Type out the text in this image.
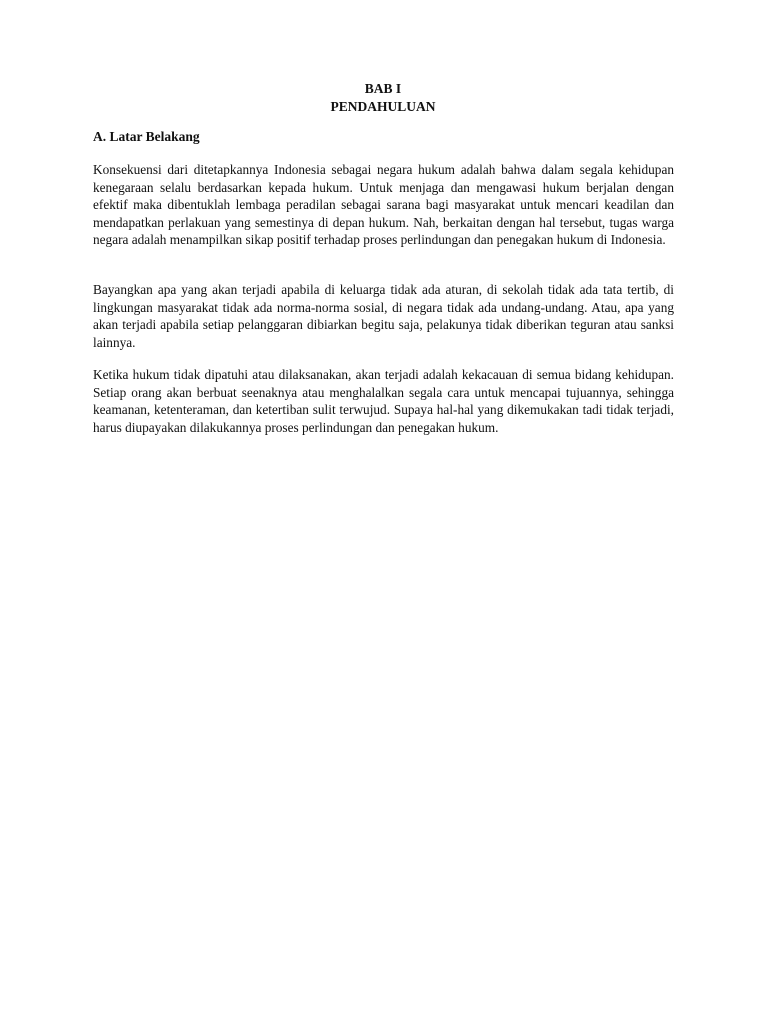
BAB I
PENDAHULUAN
A. Latar Belakang

Konsekuensi dari ditetapkannya Indonesia sebagai negara hukum adalah bahwa dalam segala kehidupan kenegaraan selalu berdasarkan kepada hukum. Untuk menjaga dan mengawasi hukum berjalan dengan efektif maka dibentuklah lembaga peradilan sebagai sarana bagi masyarakat untuk mencari keadilan dan mendapatkan perlakuan yang semestinya di depan hukum. Nah, berkaitan dengan hal tersebut, tugas warga negara adalah menampilkan sikap positif terhadap proses perlindungan dan penegakan hukum di Indonesia.

Bayangkan apa yang akan terjadi apabila di keluarga tidak ada aturan, di sekolah tidak ada tata tertib, di lingkungan masyarakat tidak ada norma-norma sosial, di negara tidak ada undang-undang. Atau, apa yang akan terjadi apabila setiap pelanggaran dibiarkan begitu saja, pelakunya tidak diberikan teguran atau sanksi lainnya.

Ketika hukum tidak dipatuhi atau dilaksanakan, akan terjadi adalah kekacauan di semua bidang kehidupan. Setiap orang akan berbuat seenaknya atau menghalalkan segala cara untuk mencapai tujuannya, sehingga keamanan, ketenteraman, dan ketertiban sulit terwujud. Supaya hal-hal yang dikemukakan tadi tidak terjadi, harus diupayakan dilakukannya proses perlindungan dan penegakan hukum.
